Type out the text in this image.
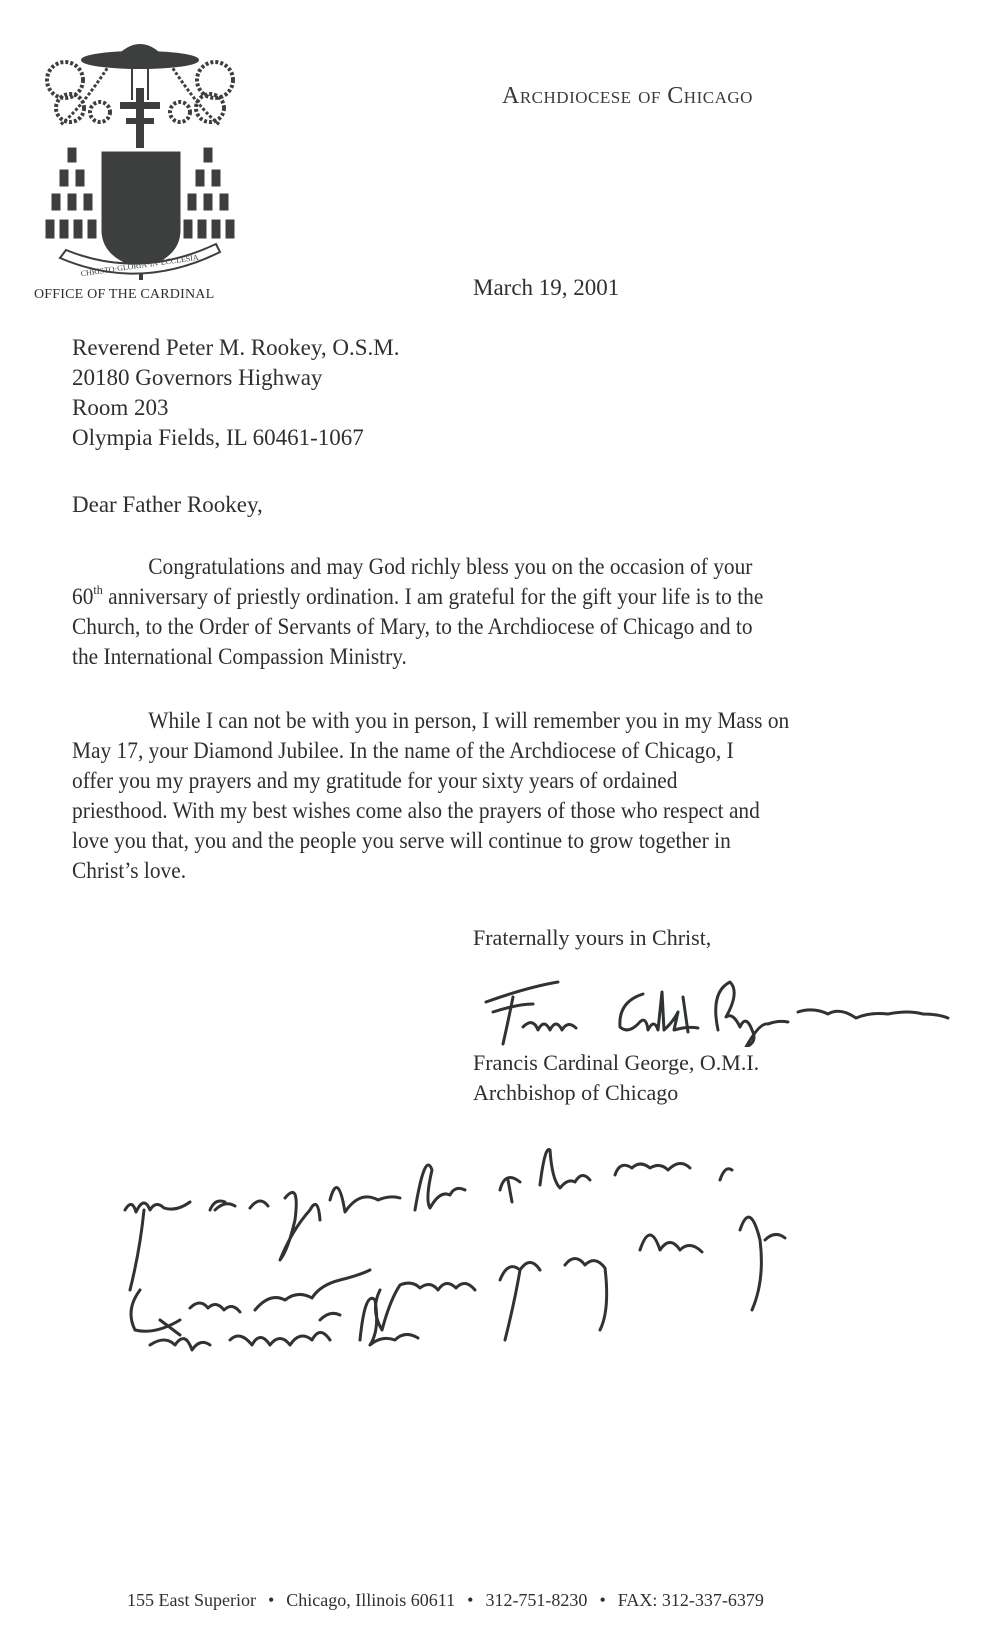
CHRISTO·GLORIA·IN·ECCLESIA
OFFICE OF THE CARDINAL
Archdiocese of Chicago
March 19, 2001
Reverend Peter M. Rookey, O.S.M.
20180 Governors Highway
Room 203
Olympia Fields, IL 60461-1067
Dear Father Rookey,
Congratulations and may God richly bless you on the occasion of your
60th anniversary of priestly ordination. I am grateful for the gift your life is to the
Church, to the Order of Servants of Mary, to the Archdiocese of Chicago and to
the International Compassion Ministry.
While I can not be with you in person, I will remember you in my Mass on
May 17, your Diamond Jubilee. In the name of the Archdiocese of Chicago, I
offer you my prayers and my gratitude for your sixty years of ordained
priesthood. With my best wishes come also the prayers of those who respect and
love you that, you and the people you serve will continue to grow together in
Christ’s love.
Fraternally yours in Christ,
Francis Cardinal George, O.M.I.
Archbishop of Chicago
155 East Superior • Chicago, Illinois 60611 • 312-751-8230 • FAX: 312-337-6379
